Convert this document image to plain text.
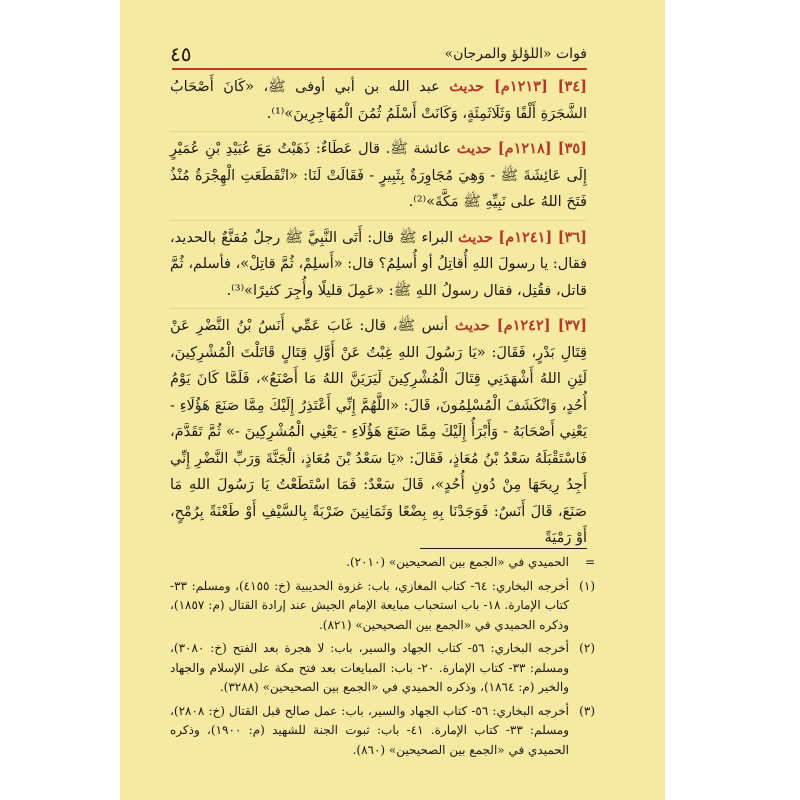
٤٥	فوات «اللؤلؤ والمرجان»

[٣٤] [١٢١٣م] حديث عبد الله بن أبي أوفى ﷺ، «كَانَ أَصْحَابُ الشَّجَرَةِ أَلْفًا وَثَلَاثَمِئَةٍ، وَكَانَتْ أَسْلَمُ ثُمُنَ الْمُهَاجِرِينَ»⁽¹⁾.

[٣٥] [١٢١٨م] حديث عائشة ﷺ. قال عَطَاءٌ: ذَهَبْتُ مَعَ عُبَيْدِ بْنِ عُمَيْرٍ إِلَى عَائِشَةَ ﷺ - وَهِيَ مُجَاوِرَةٌ بِثَبِيرٍ - فَقَالَتْ لَنَا: «انْقَطَعَتِ الْهِجْرَةُ مُنْذُ فَتَحَ اللهُ على نَبِيِّهِ ﷺ مَكَّةَ»⁽²⁾.

[٣٦] [١٢٤١م] حديث البراء ﷺ قال: أَتَى النَّبِيَّ ﷺ رجلٌ مُقنَّعٌ بالحديد، فقال: يا رسولَ اللهِ أُقاتِلُ أو أُسلِمُ؟ قال: «أَسلِمْ، ثُمَّ قاتِلْ»، فأسلم، ثُمَّ قاتل، فقُتِل، فقال رسولُ اللهِ ﷺ: «عَمِلَ قليلًا وأُجِرَ كثيرًا»⁽³⁾.

[٣٧] [١٢٤٢م] حديث أنس ﷺ، قال: غَابَ عَمِّي أَنَسُ بْنُ النَّضْرِ عَنْ قِتَالِ بَدْرٍ، فَقَالَ: «يَا رَسُولَ اللهِ غِبْتُ عَنْ أَوَّلِ قِتَالٍ قَاتَلْتَ الْمُشْرِكِينَ، لَئِنِ اللهُ أَشْهَدَنِي قِتَالَ الْمُشْرِكِينَ لَيَرَيَنَّ اللهُ مَا أَصْنَعُ»، فَلَمَّا كَانَ يَوْمُ أُحُدٍ، وَانْكَشَفَ الْمُسْلِمُونَ، قَالَ: «اللَّهُمَّ إِنِّي أَعْتَذِرُ إِلَيْكَ مِمَّا صَنَعَ هَؤُلَاءِ - يَعْنِي أَصْحَابَهُ - وَأَبْرَأُ إِلَيْكَ مِمَّا صَنَعَ هَؤُلَاءِ - يَعْنِي الْمُشْرِكِينَ -» ثُمَّ تَقَدَّمَ، فَاسْتَقْبَلَهُ سَعْدُ بْنُ مُعَاذٍ، فَقَالَ: «يَا سَعْدُ بْنَ مُعَاذٍ، الْجَنَّةَ وَرَبِّ النَّضْرِ إِنِّي أَجِدُ رِيحَهَا مِنْ دُونِ أُحُدٍ»، قَالَ سَعْدٌ: فَمَا اسْتَطَعْتُ يَا رَسُولَ اللهِ مَا صَنَعَ، قَالَ أَنَسٌ: فَوَجَدْنَا بِهِ بِضْعًا وَثَمَانِينَ ضَرْبَةً بِالسَّيْفِ أَوْ طَعْنَةً بِرُمْحٍ، أَوْ رَمْيَةً

=
الحميدي في «الجمع بين الصحيحين» (٢٠١٠).
(١)
أخرجه البخاري: ٦٤- كتاب المغازي، باب: غزوة الحديبية (خ: ٤١٥٥)، ومسلم: ٣٣- كتاب الإمارة. ١٨- باب استحباب مبايعة الإمام الجيش عند إرادة القتال (م: ١٨٥٧)، وذكره الحميدي في «الجمع بين الصحيحين» (٨٢١).
(٢)
أخرجه البخاري: ٥٦- كتاب الجهاد والسير، باب: لا هجرة بعد الفتح (خ: ٣٠٨٠)، ومسلم: ٣٣- كتاب الإمارة. ٢٠- باب: المبايعات بعد فتح مكة على الإسلام والجهاد والخير (م: ١٨٦٤)، وذكره الحميدي في «الجمع بين الصحيحين» (٣٢٨٨).
(٣)
أخرجه البخاري: ٥٦- كتاب الجهاد والسير، باب: عمل صالح قبل القتال (خ: ٢٨٠٨)، ومسلم: ٣٣- كتاب الإمارة. ٤١- باب: ثبوت الجنة للشهيد (م: ١٩٠٠)، وذكره الحميدي في «الجمع بين الصحيحين» (٨٦٠).
